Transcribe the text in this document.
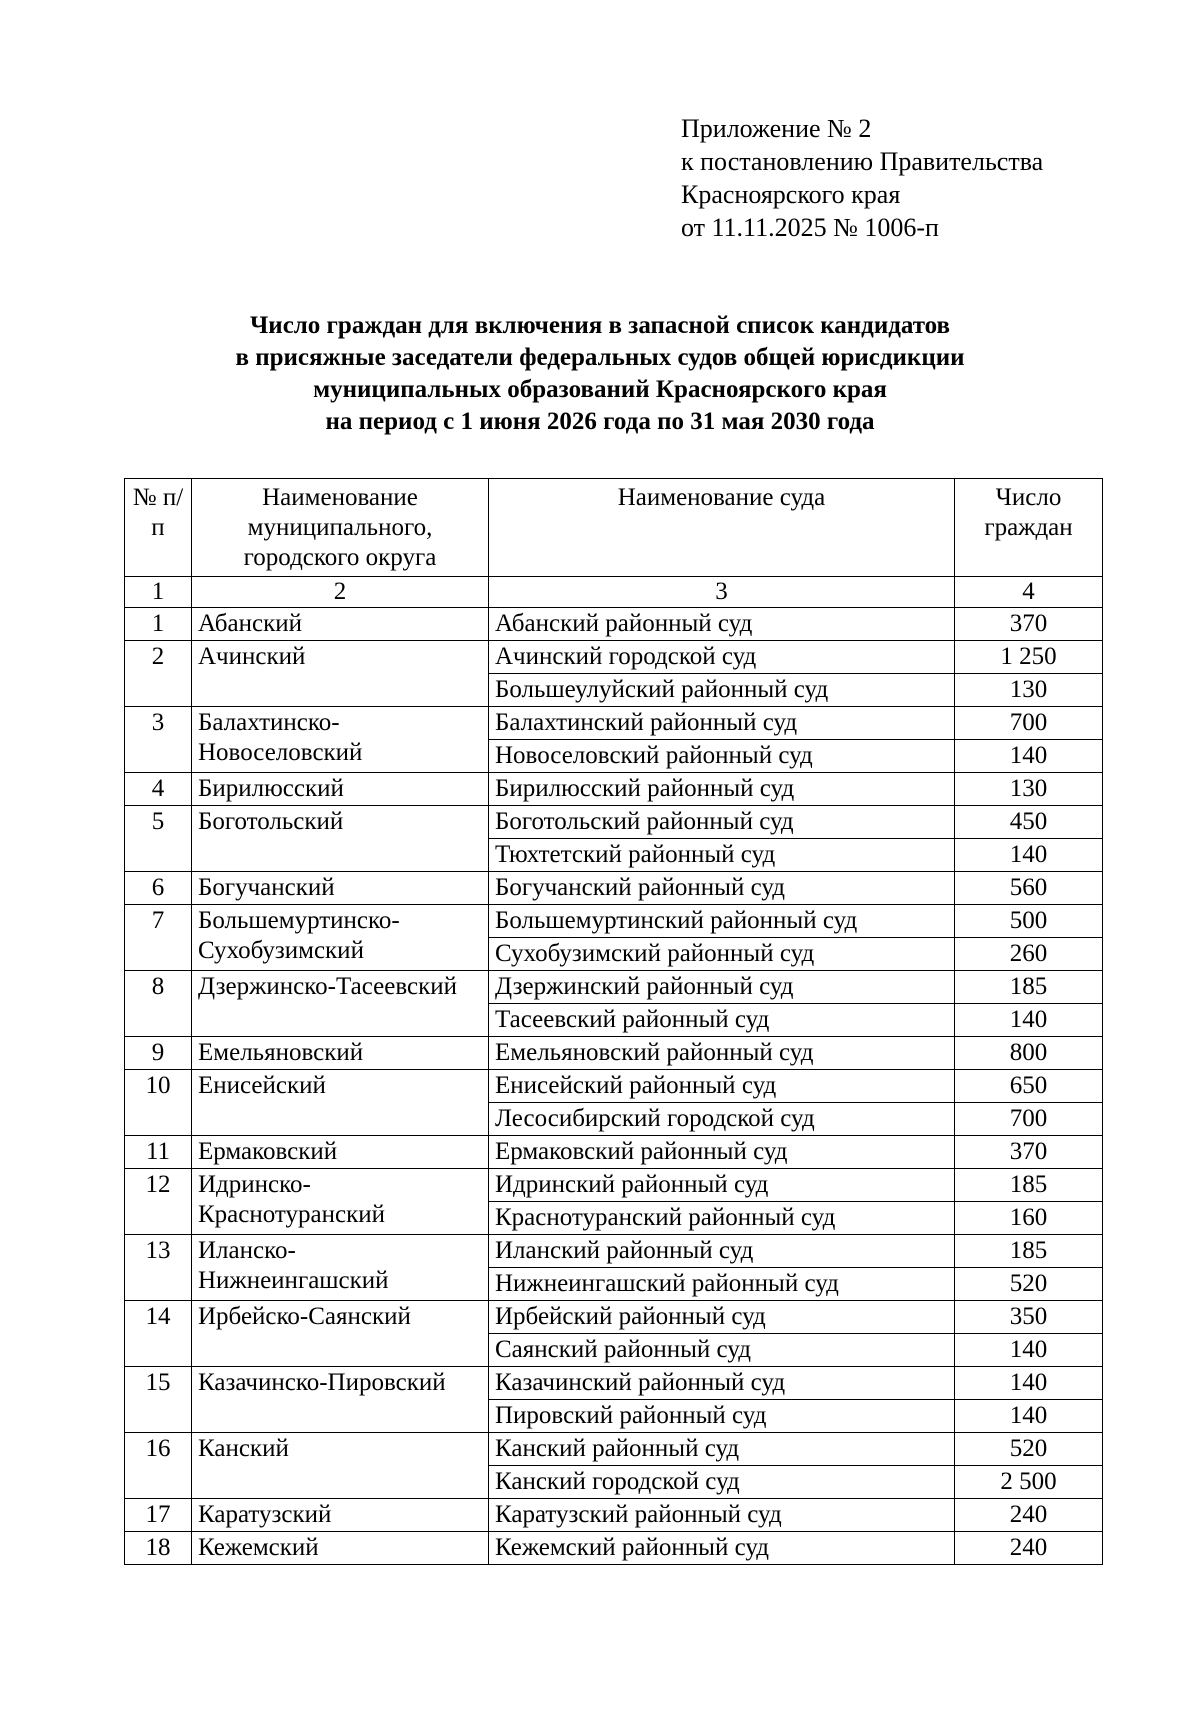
Приложение № 2
к постановлению Правительства
Красноярского края
от 11.11.2025 № 1006-п
Число граждан для включения в запасной список кандидатов
в присяжные заседатели федеральных судов общей юрисдикции
муниципальных образований Красноярского края
на период с 1 июня 2026 года по 31 мая 2030 года
№ п/п	Наименование муниципального, городского округа	Наименование суда	Число граждан
1	2	3	4
1	Абанский	Абанский районный суд	370
2	Ачинский	Ачинский городской суд	1 250
		Большеулуйский районный суд	130
3	Балахтинско-Новоселовский	Балахтинский районный суд	700
		Новоселовский районный суд	140
4	Бирилюсский	Бирилюсский районный суд	130
5	Боготольский	Боготольский районный суд	450
		Тюхтетский районный суд	140
6	Богучанский	Богучанский районный суд	560
7	Большемуртинско-Сухобузимский	Большемуртинский районный суд	500
		Сухобузимский районный суд	260
8	Дзержинско-Тасеевский	Дзержинский районный суд	185
		Тасеевский районный суд	140
9	Емельяновский	Емельяновский районный суд	800
10	Енисейский	Енисейский районный суд	650
		Лесосибирский городской суд	700
11	Ермаковский	Ермаковский районный суд	370
12	Идринско-Краснотуранский	Идринский районный суд	185
		Краснотуранский районный суд	160
13	Иланско-Нижнеингашский	Иланский районный суд	185
		Нижнеингашский районный суд	520
14	Ирбейско-Саянский	Ирбейский районный суд	350
		Саянский районный суд	140
15	Казачинско-Пировский	Казачинский районный суд	140
		Пировский районный суд	140
16	Канский	Канский районный суд	520
		Канский городской суд	2 500
17	Каратузский	Каратузский районный суд	240
18	Кежемский	Кежемский районный суд	240
